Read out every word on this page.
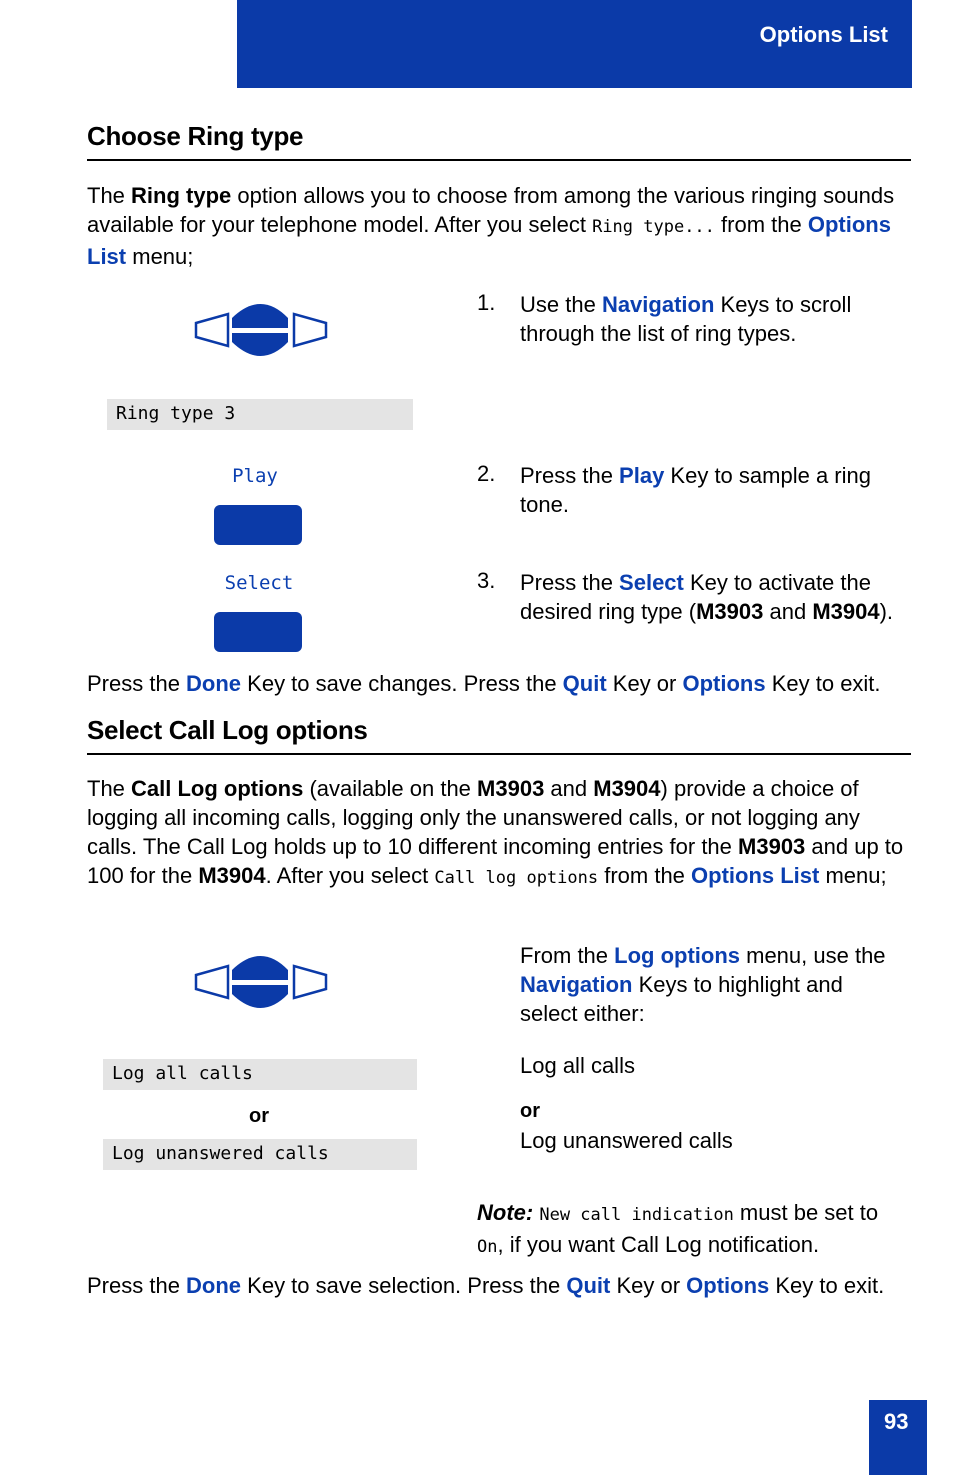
Options List
Choose Ring type
The Ring type option allows you to choose from among the various ringing sounds available for your telephone model. After you select Ring type... from the Options List menu;
Ring type 3
Play
Select
1. Use the Navigation Keys to scroll through the list of ring types.
2. Press the Play Key to sample a ring tone.
3. Press the Select Key to activate the desired ring type (M3903 and M3904).
Press the Done Key to save changes. Press the Quit Key or Options Key to exit.
Select Call Log options
The Call Log options (available on the M3903 and M3904) provide a choice of logging all incoming calls, logging only the unanswered calls, or not logging any calls. The Call Log holds up to 10 different incoming entries for the M3903 and up to 100 for the M3904. After you select Call log options from the Options List menu;
Log all calls
or
Log unanswered calls
From the Log options menu, use the Navigation Keys to highlight and select either:
Log all calls
or
Log unanswered calls
Note: New call indication must be set to On, if you want Call Log notification.
Press the Done Key to save selection. Press the Quit Key or Options Key to exit.
93
